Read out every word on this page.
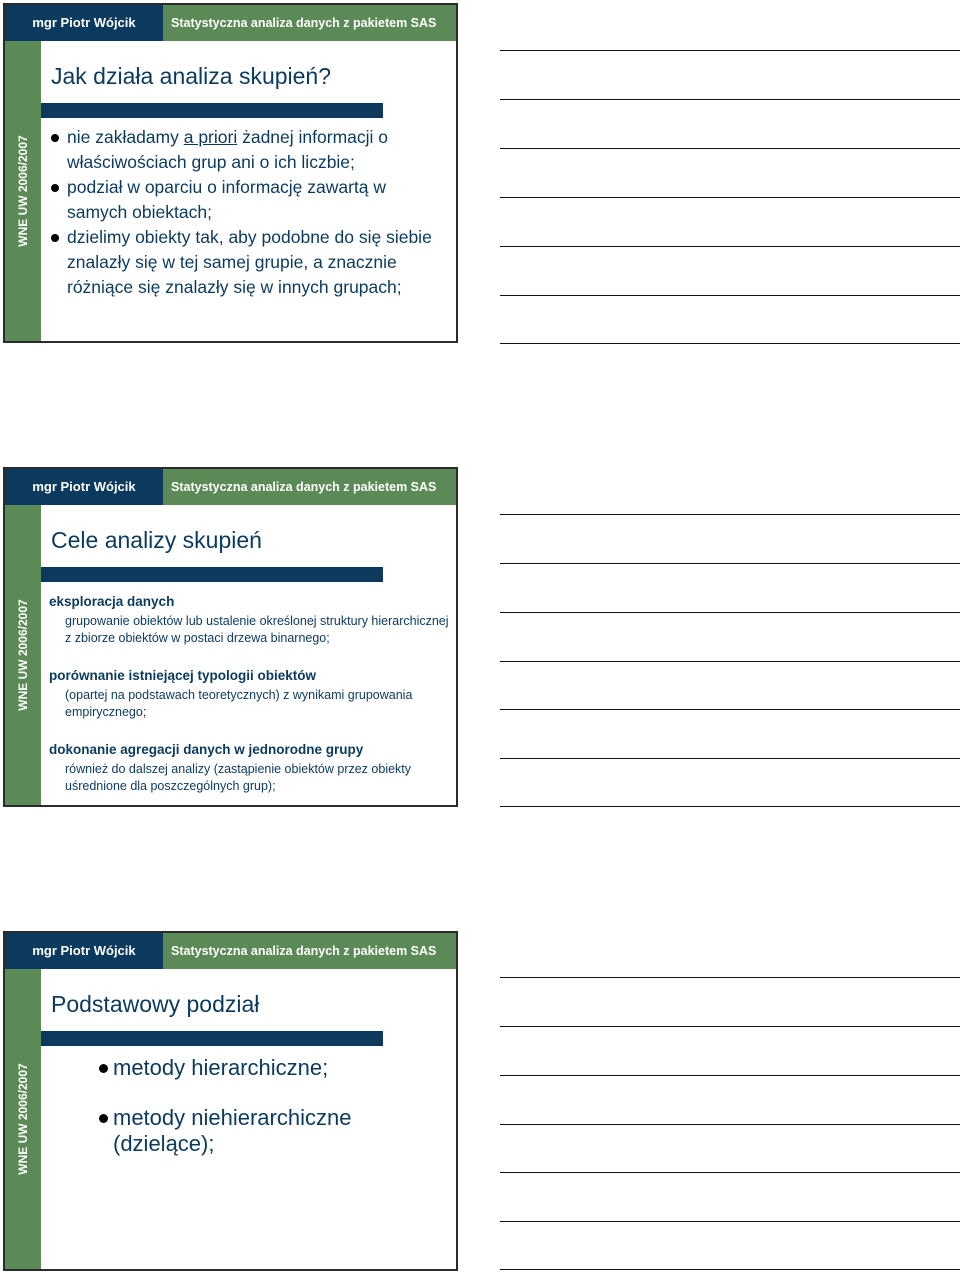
mgr Piotr Wójcik	Statystyczna analiza danych z pakietem SAS
WNE UW 2006/2007
Jak działa analiza skupień?
nie zakładamy a priori żadnej informacji o właściwościach grup ani o ich liczbie;
podział w oparciu o informację zawartą w samych obiektach;
dzielimy obiekty tak, aby podobne do się siebie znalazły się w tej samej grupie, a znacznie różniące się znalazły się w innych grupach;
mgr Piotr Wójcik	Statystyczna analiza danych z pakietem SAS
WNE UW 2006/2007
Cele analizy skupień
eksploracja danych
grupowanie obiektów lub ustalenie określonej struktury hierarchicznej z zbiorze obiektów w postaci drzewa binarnego;
porównanie istniejącej typologii obiektów
(opartej na podstawach teoretycznych) z wynikami grupowania empirycznego;
dokonanie agregacji danych w jednorodne grupy
również do dalszej analizy (zastąpienie obiektów przez obiekty uśrednione dla poszczególnych grup);
mgr Piotr Wójcik	Statystyczna analiza danych z pakietem SAS
WNE UW 2006/2007
Podstawowy podział
metody hierarchiczne;
metody niehierarchiczne (dzielące);
